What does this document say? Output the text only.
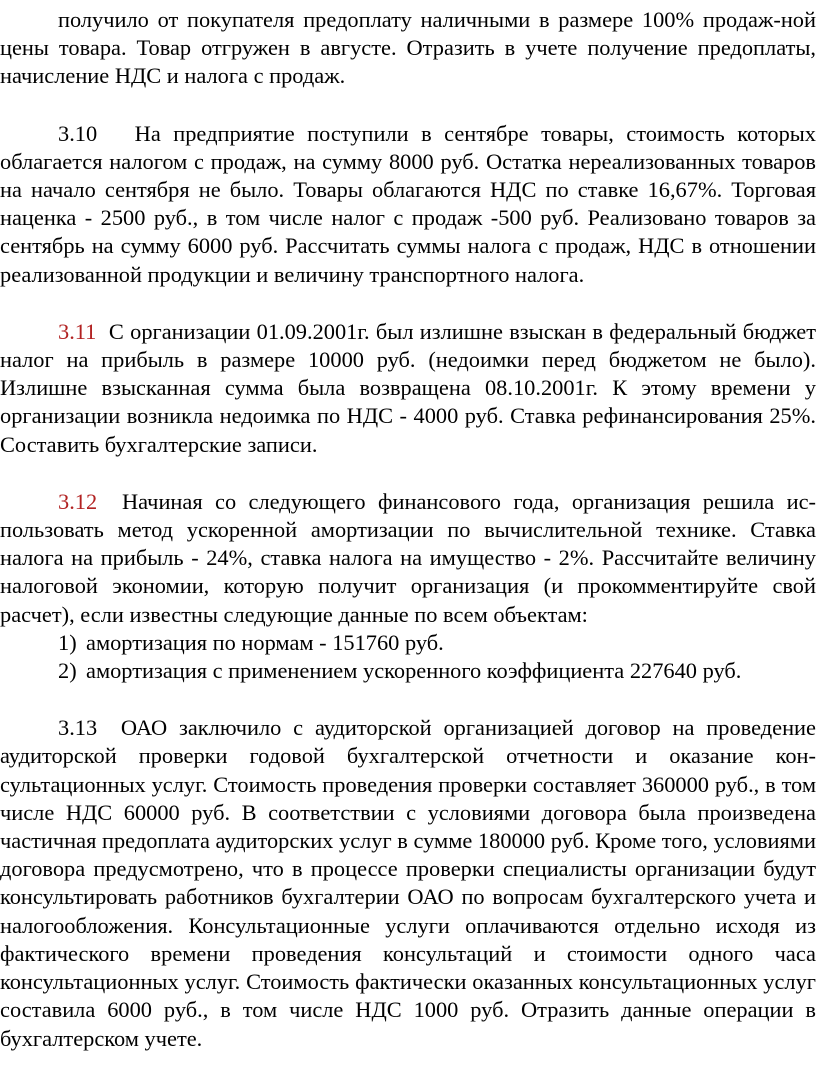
получило от покупателя предоплату наличными в размере 100% продаж-ной цены товара. Товар отгружен в августе. Отразить в учете получение предоплаты, начисление НДС и налога с продаж.

3.10 На предприятие поступили в сентябре товары, стоимость которых облагается налогом с продаж, на сумму 8000 руб. Остатка нереализованных товаров на начало сентября не было. Товары облагаются НДС по ставке 16,67%. Торговая наценка - 2500 руб., в том числе налог с продаж -500 руб. Реализовано товаров за сентябрь на сумму 6000 руб. Рассчитать суммы налога с продаж, НДС в отношении реализованной продукции и величину транспортного налога.

3.11 С организации 01.09.2001г. был излишне взыскан в федеральный бюджет налог на прибыль в размере 10000 руб. (недоимки перед бюджетом не было). Излишне взысканная сумма была возвращена 08.10.2001г. К этому времени у организации возникла недоимка по НДС - 4000 руб. Ставка рефинансирования 25%. Составить бухгалтерские записи.

3.12 Начиная со следующего финансового года, организация решила ис-пользовать метод ускоренной амортизации по вычислительной технике. Ставка налога на прибыль - 24%, ставка налога на имущество - 2%. Рассчитайте величину налоговой экономии, которую получит организация (и прокомментируйте свой расчет), если известны следующие данные по всем объектам:

1) амортизация по нормам - 151760 руб.

2) амортизация с применением ускоренного коэффициента 227640 руб.

3.13 ОАО заключило с аудиторской организацией договор на проведение аудиторской проверки годовой бухгалтерской отчетности и оказание кон-сультационных услуг. Стоимость проведения проверки составляет 360000 руб., в том числе НДС 60000 руб. В соответствии с условиями договора была произведена частичная предоплата аудиторских услуг в сумме 180000 руб. Кроме того, условиями договора предусмотрено, что в процессе проверки специалисты организации будут консультировать работников бухгалтерии ОАО по вопросам бухгалтерского учета и налогообложения. Консультационные услуги оплачиваются отдельно исходя из фактического времени проведения консультаций и стоимости одного часа консультационных услуг. Стоимость фактически оказанных консультационных услуг составила 6000 руб., в том числе НДС 1000 руб. Отразить данные операции в бухгалтерском учете.
